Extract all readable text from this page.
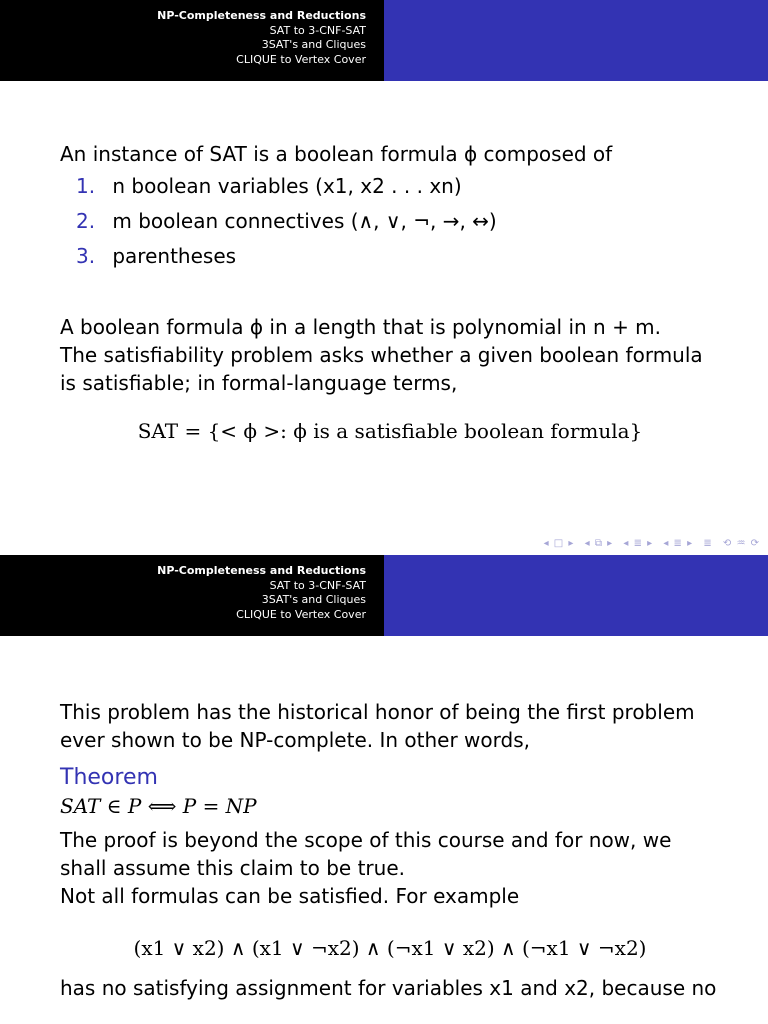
NP-Completeness and Reductions
SAT to 3-CNF-SAT
3SAT's and Cliques
CLIQUE to Vertex Cover
An instance of SAT is a boolean formula ϕ composed of
1. n boolean variables (x1, x2 . . . xn)
2. m boolean connectives (∧, ∨, ¬, →, ↔)
3. parentheses
A boolean formula ϕ in a length that is polynomial in n + m.
The satisfiability problem asks whether a given boolean formula is satisfiable; in formal-language terms,
SAT = {< ϕ >: ϕ is a satisfiable boolean formula}
◂ □ ▸ ◂ ⧉ ▸ ◂ ≣ ▸ ◂ ≣ ▸ ≣ ⟲ ♒ ⟳
NP-Completeness and Reductions
SAT to 3-CNF-SAT
3SAT's and Cliques
CLIQUE to Vertex Cover
This problem has the historical honor of being the first problem ever shown to be NP-complete. In other words,
Theorem
SAT ∈ P ⟺ P = NP
The proof is beyond the scope of this course and for now, we shall assume this claim to be true.
Not all formulas can be satisfied. For example
(x1 ∨ x2) ∧ (x1 ∨ ¬x2) ∧ (¬x1 ∨ x2) ∧ (¬x1 ∨ ¬x2)
has no satisfying assignment for variables x1 and x2, because no
